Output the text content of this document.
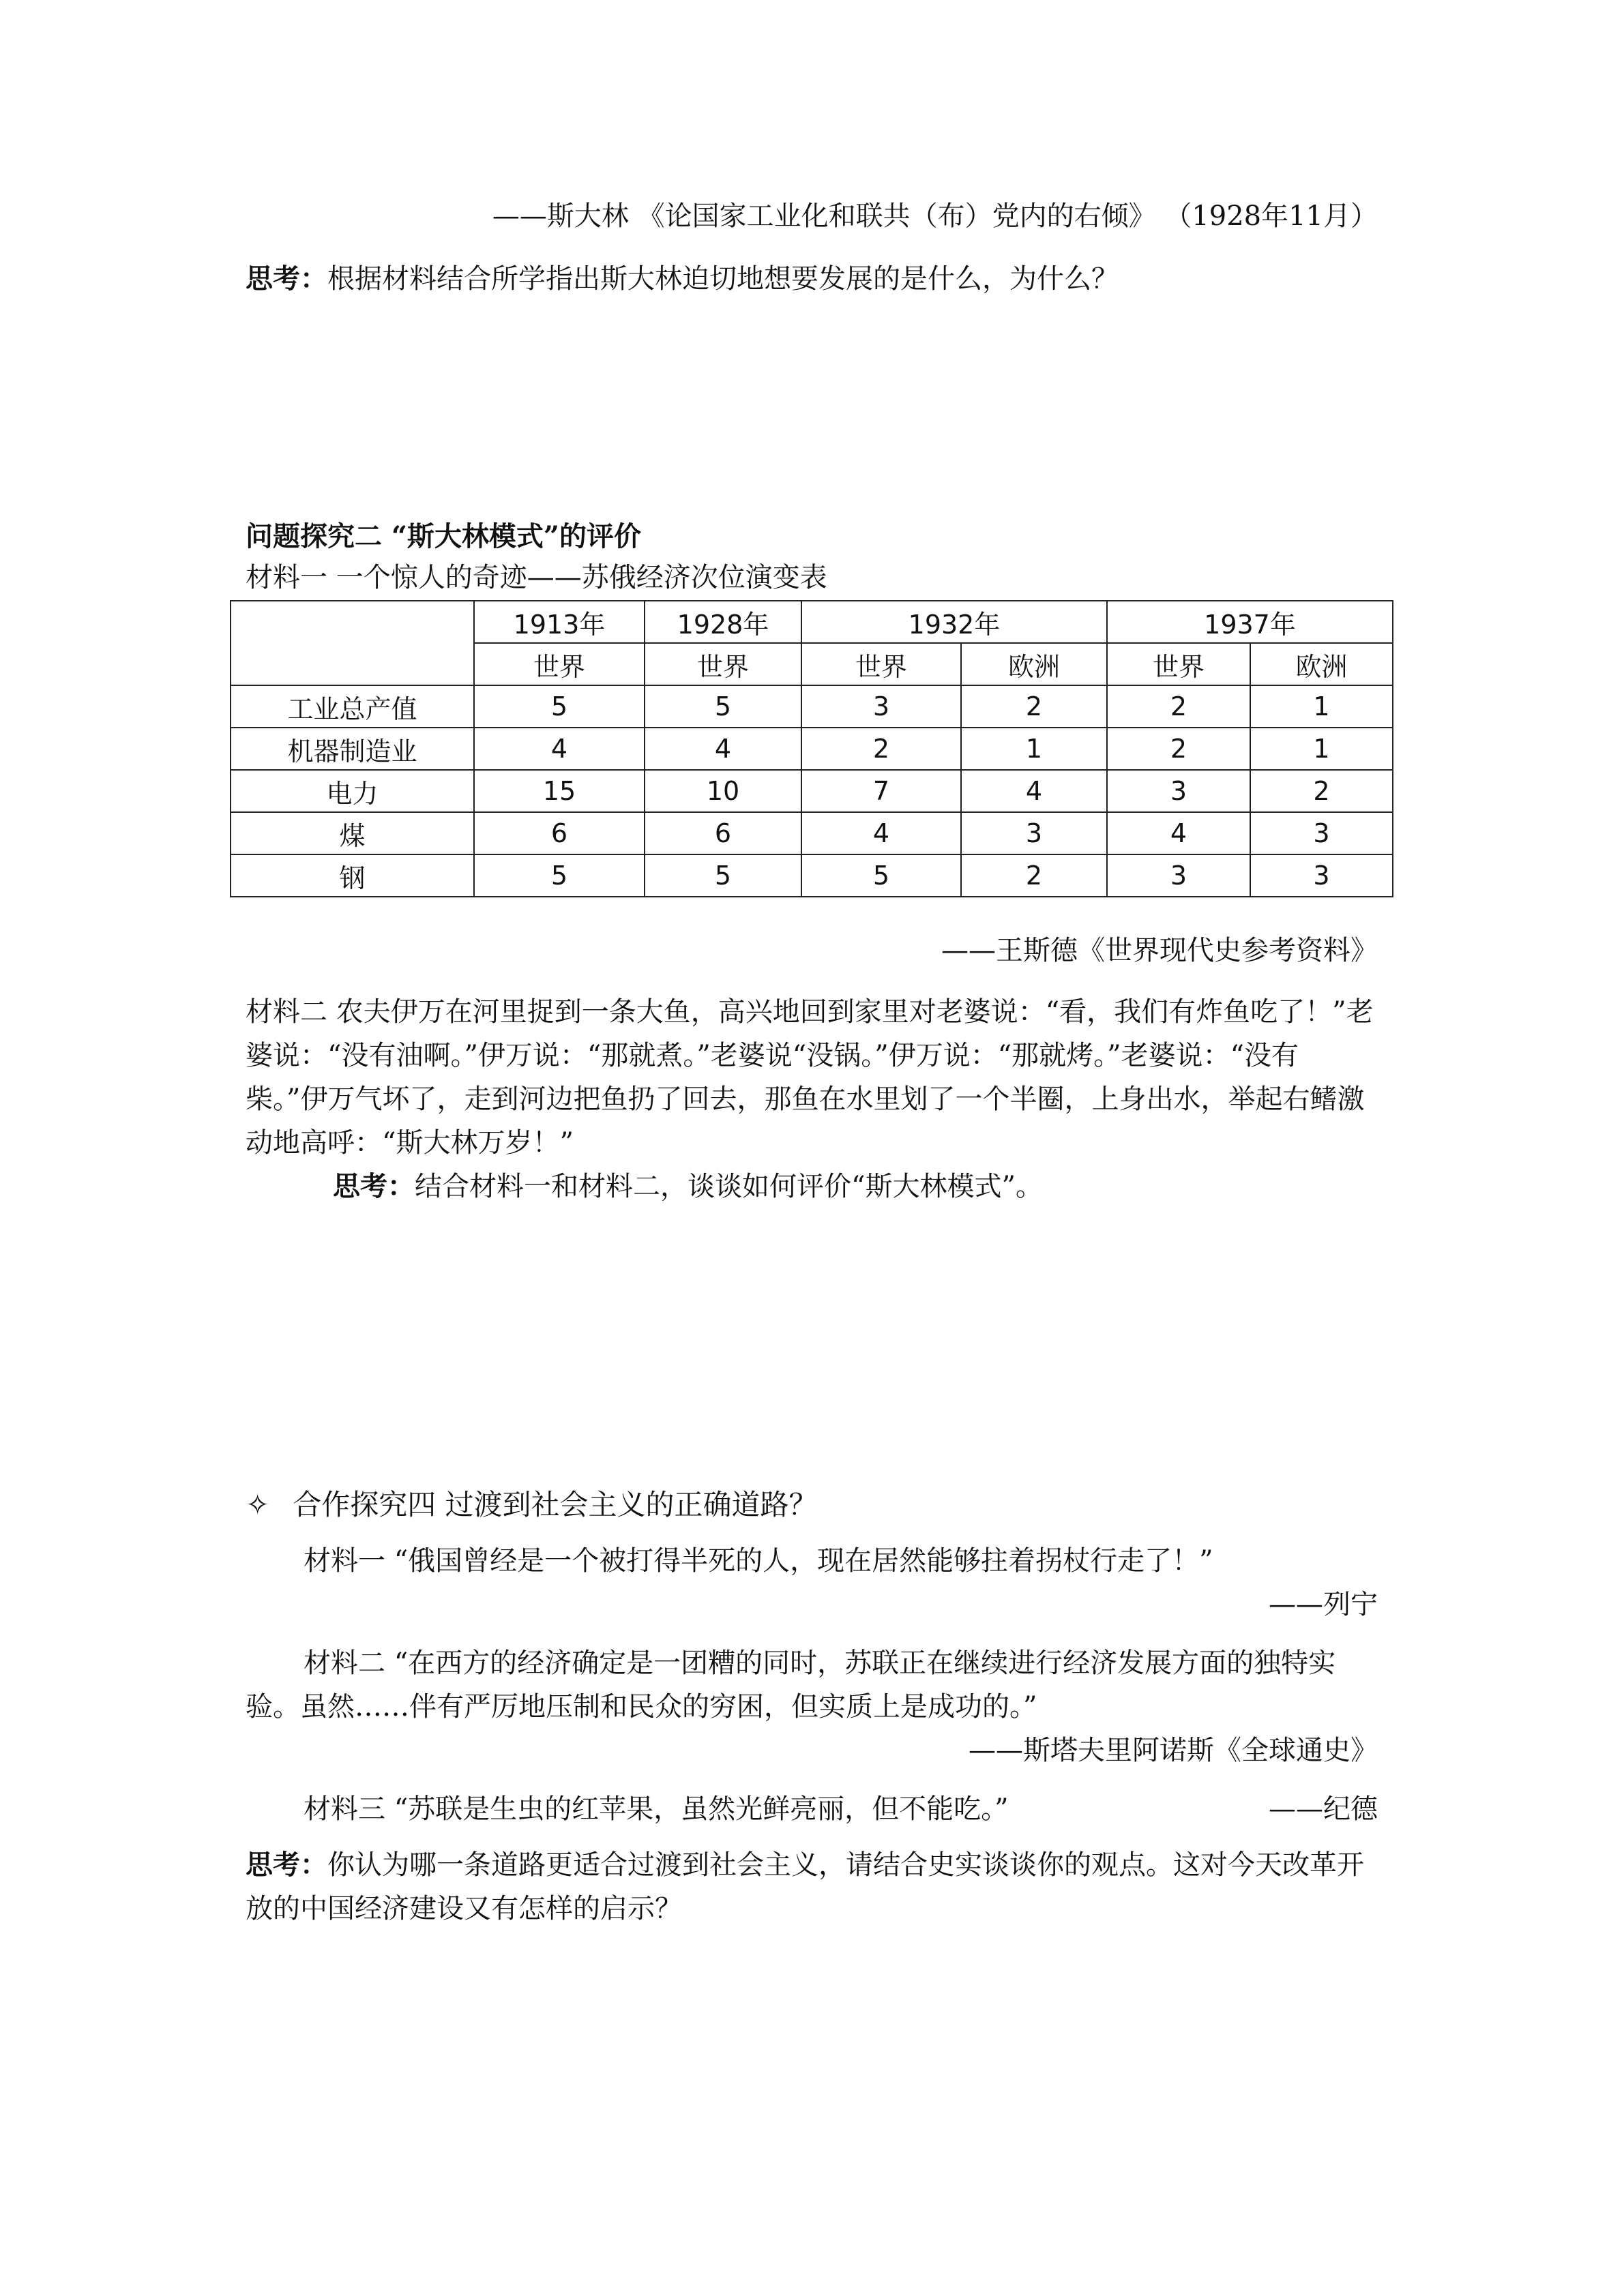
——斯大林 《论国家工业化和联共（布）党内的右倾》 （1928年11月）

思考：根据材料结合所学指出斯大林迫切地想要发展的是什么，为什么？

问题探究二 “斯大林模式”的评价

材料一 一个惊人的奇迹——苏俄经济次位演变表

	1913年	1928年	1932年		1937年	
	世界	世界	世界	欧洲	世界	欧洲
工业总产值	5	5	3	2	2	1
机器制造业	4	4	2	1	2	1
电力	15	10	7	4	3	2
煤	6	6	4	3	4	3
钢	5	5	5	2	3	3

——王斯德《世界现代史参考资料》

材料二 农夫伊万在河里捉到一条大鱼，高兴地回到家里对老婆说：“看，我们有炸鱼吃了！”老婆说：“没有油啊。”伊万说：“那就煮。”老婆说“没锅。”伊万说：“那就烤。”老婆说：“没有柴。”伊万气坏了，走到河边把鱼扔了回去，那鱼在水里划了一个半圈，上身出水，举起右鳍激动地高呼：“斯大林万岁！”

思考：结合材料一和材料二，谈谈如何评价“斯大林模式”。

✧ 合作探究四 过渡到社会主义的正确道路？

材料一 “俄国曾经是一个被打得半死的人，现在居然能够拄着拐杖行走了！”

——列宁

材料二 “在西方的经济确定是一团糟的同时，苏联正在继续进行经济发展方面的独特实验。虽然……伴有严厉地压制和民众的穷困，但实质上是成功的。”

——斯塔夫里阿诺斯《全球通史》

材料三 “苏联是生虫的红苹果，虽然光鲜亮丽，但不能吃。”	——纪德

思考：你认为哪一条道路更适合过渡到社会主义，请结合史实谈谈你的观点。这对今天改革开放的中国经济建设又有怎样的启示？
